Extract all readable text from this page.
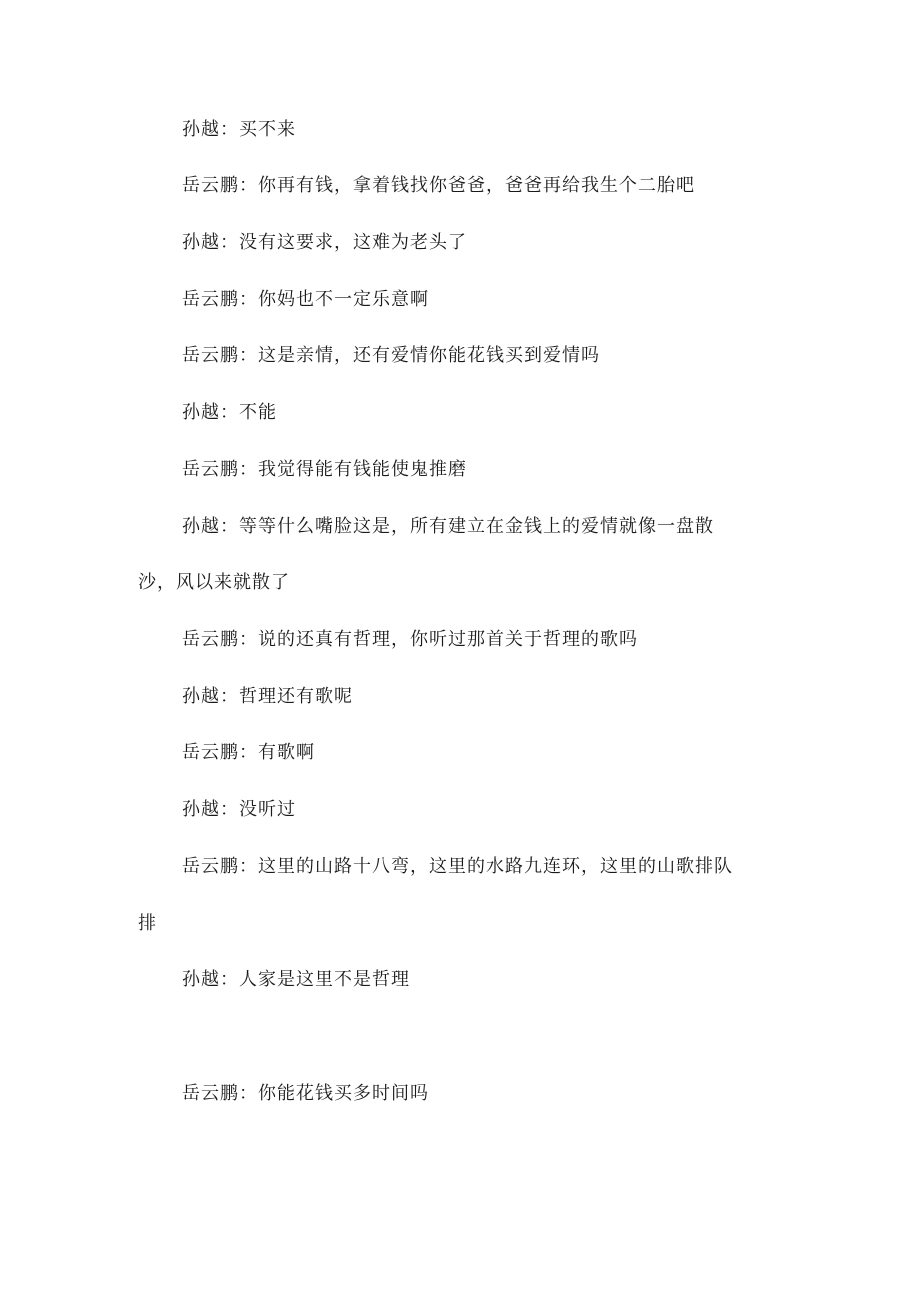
孙越：买不来
岳云鹏：你再有钱，拿着钱找你爸爸，爸爸再给我生个二胎吧
孙越：没有这要求，这难为老头了
岳云鹏：你妈也不一定乐意啊
岳云鹏：这是亲情，还有爱情你能花钱买到爱情吗
孙越：不能
岳云鹏：我觉得能有钱能使鬼推磨
孙越：等等什么嘴脸这是，所有建立在金钱上的爱情就像一盘散
沙，风以来就散了
岳云鹏：说的还真有哲理，你听过那首关于哲理的歌吗
孙越：哲理还有歌呢
岳云鹏：有歌啊
孙越：没听过
岳云鹏：这里的山路十八弯，这里的水路九连环，这里的山歌排队
排
孙越：人家是这里不是哲理
岳云鹏：你能花钱买多时间吗
